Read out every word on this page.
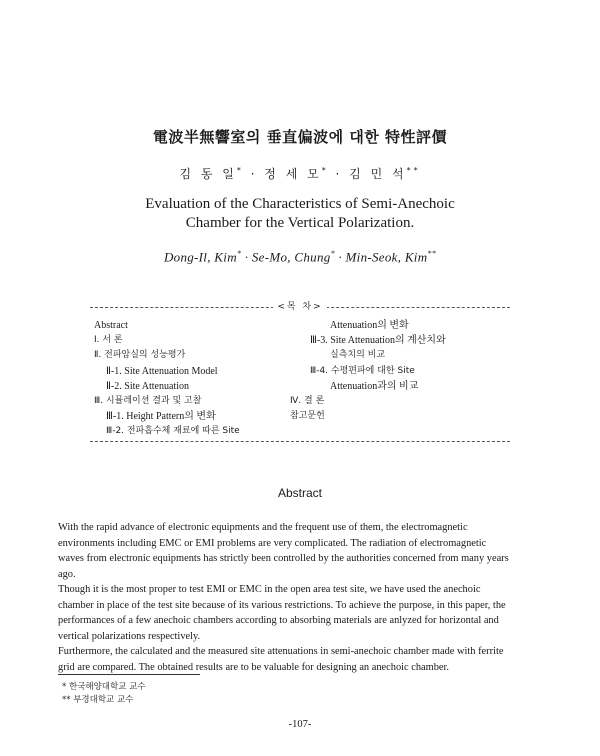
電波半無響室의 垂直偏波에 대한 特性評價
김 동 일* · 정 세 모* · 김 민 석**
Evaluation of the Characteristics of Semi-Anechoic
Chamber for the Vertical Polarization.
Dong-Il, Kim* · Se-Mo, Chung* · Min-Seok, Kim**
<목 차>
Abstract
Ⅰ. 서 론
Ⅱ. 전파암실의 성능평가
Ⅱ-1. Site Attenuation Model
Ⅱ-2. Site Attenuation
Ⅲ. 시뮬레이션 결과 및 고찰
Ⅲ-1. Height Pattern의 변화
Ⅲ-2. 전파흡수체 재료에 따른 Site
Attenuation의 변화
Ⅲ-3. Site Attenuation의 계산치와
실측치의 비교
Ⅲ-4. 수평편파에 대한 Site
Attenuation과의 비교
Ⅳ. 결 론
참고문헌
Abstract

With the rapid advance of electronic equipments and the frequent use of them, the electromagnetic environments including EMC or EMI problems are very complicated. The radiation of electromagnetic waves from electronic equipments has strictly been controlled by the authorities concerned from many years ago.

Though it is the most proper to test EMI or EMC in the open area test site, we have used the anechoic chamber in place of the test site because of its various restrictions. To achieve the purpose, in this paper, the performances of a few anechoic chambers according to absorbing materials are anlyzed for horizontal and vertical polarizations respectively.

Furthermore, the calculated and the measured site attenuations in semi-anechoic chamber made with ferrite grid are compared. The obtained results are to be valuable for designing an anechoic chamber.

* 한국해양대학교 교수
** 부경대학교 교수
-107-
